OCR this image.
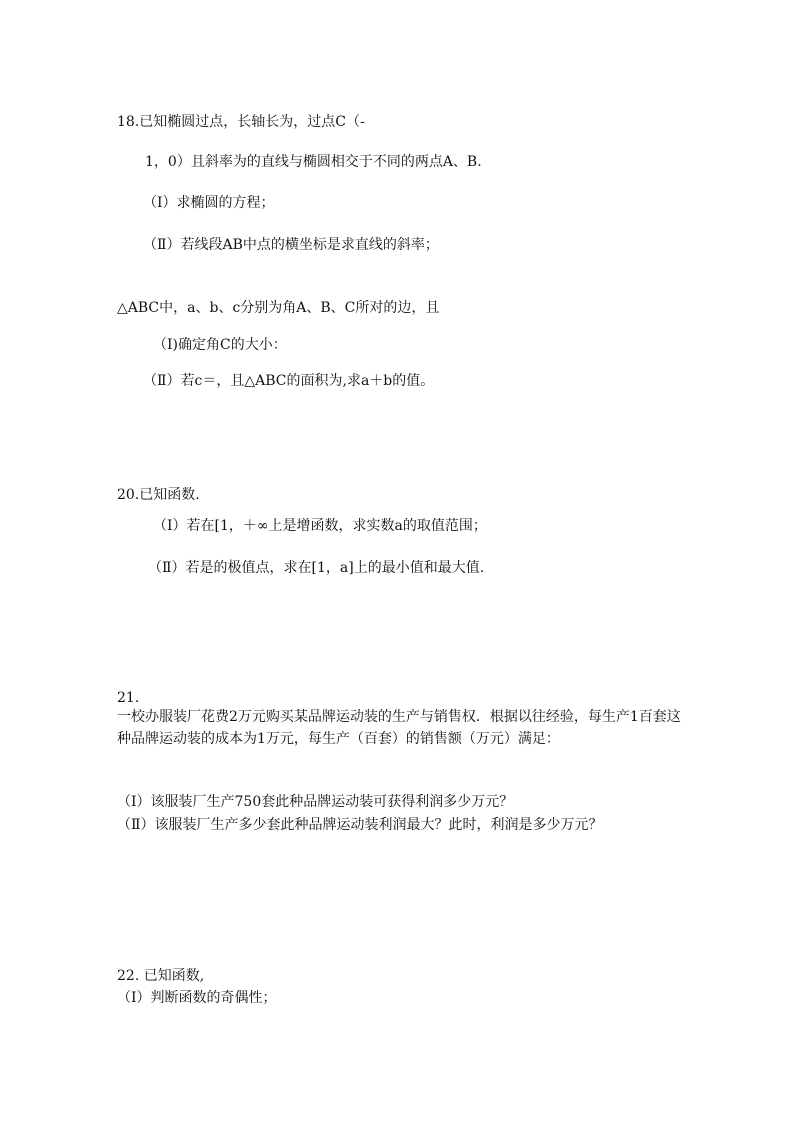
18.已知椭圆过点，长轴长为，过点C（-
1，0）且斜率为的直线与椭圆相交于不同的两点A、B.
（Ⅰ）求椭圆的方程；
（Ⅱ）若线段AB中点的横坐标是求直线的斜率；
△ABC中，a、b、c分别为角A、B、C所对的边，且
（Ⅰ)确定角C的大小：
（Ⅱ）若c＝，且△ABC的面积为,求a＋b的值。
20.已知函数.
（Ⅰ）若在[1，＋∞上是增函数，求实数a的取值范围；
（Ⅱ）若是的极值点，求在[1，a]上的最小值和最大值.
21.
一校办服装厂花费2万元购买某品牌运动装的生产与销售权．根据以往经验，每生产1百套这种品牌运动装的成本为1万元，每生产（百套）的销售额（万元）满足：
（Ⅰ）该服装厂生产750套此种品牌运动装可获得利润多少万元？
（Ⅱ）该服装厂生产多少套此种品牌运动装利润最大？此时，利润是多少万元？
22. 已知函数,
（Ⅰ）判断函数的奇偶性；
